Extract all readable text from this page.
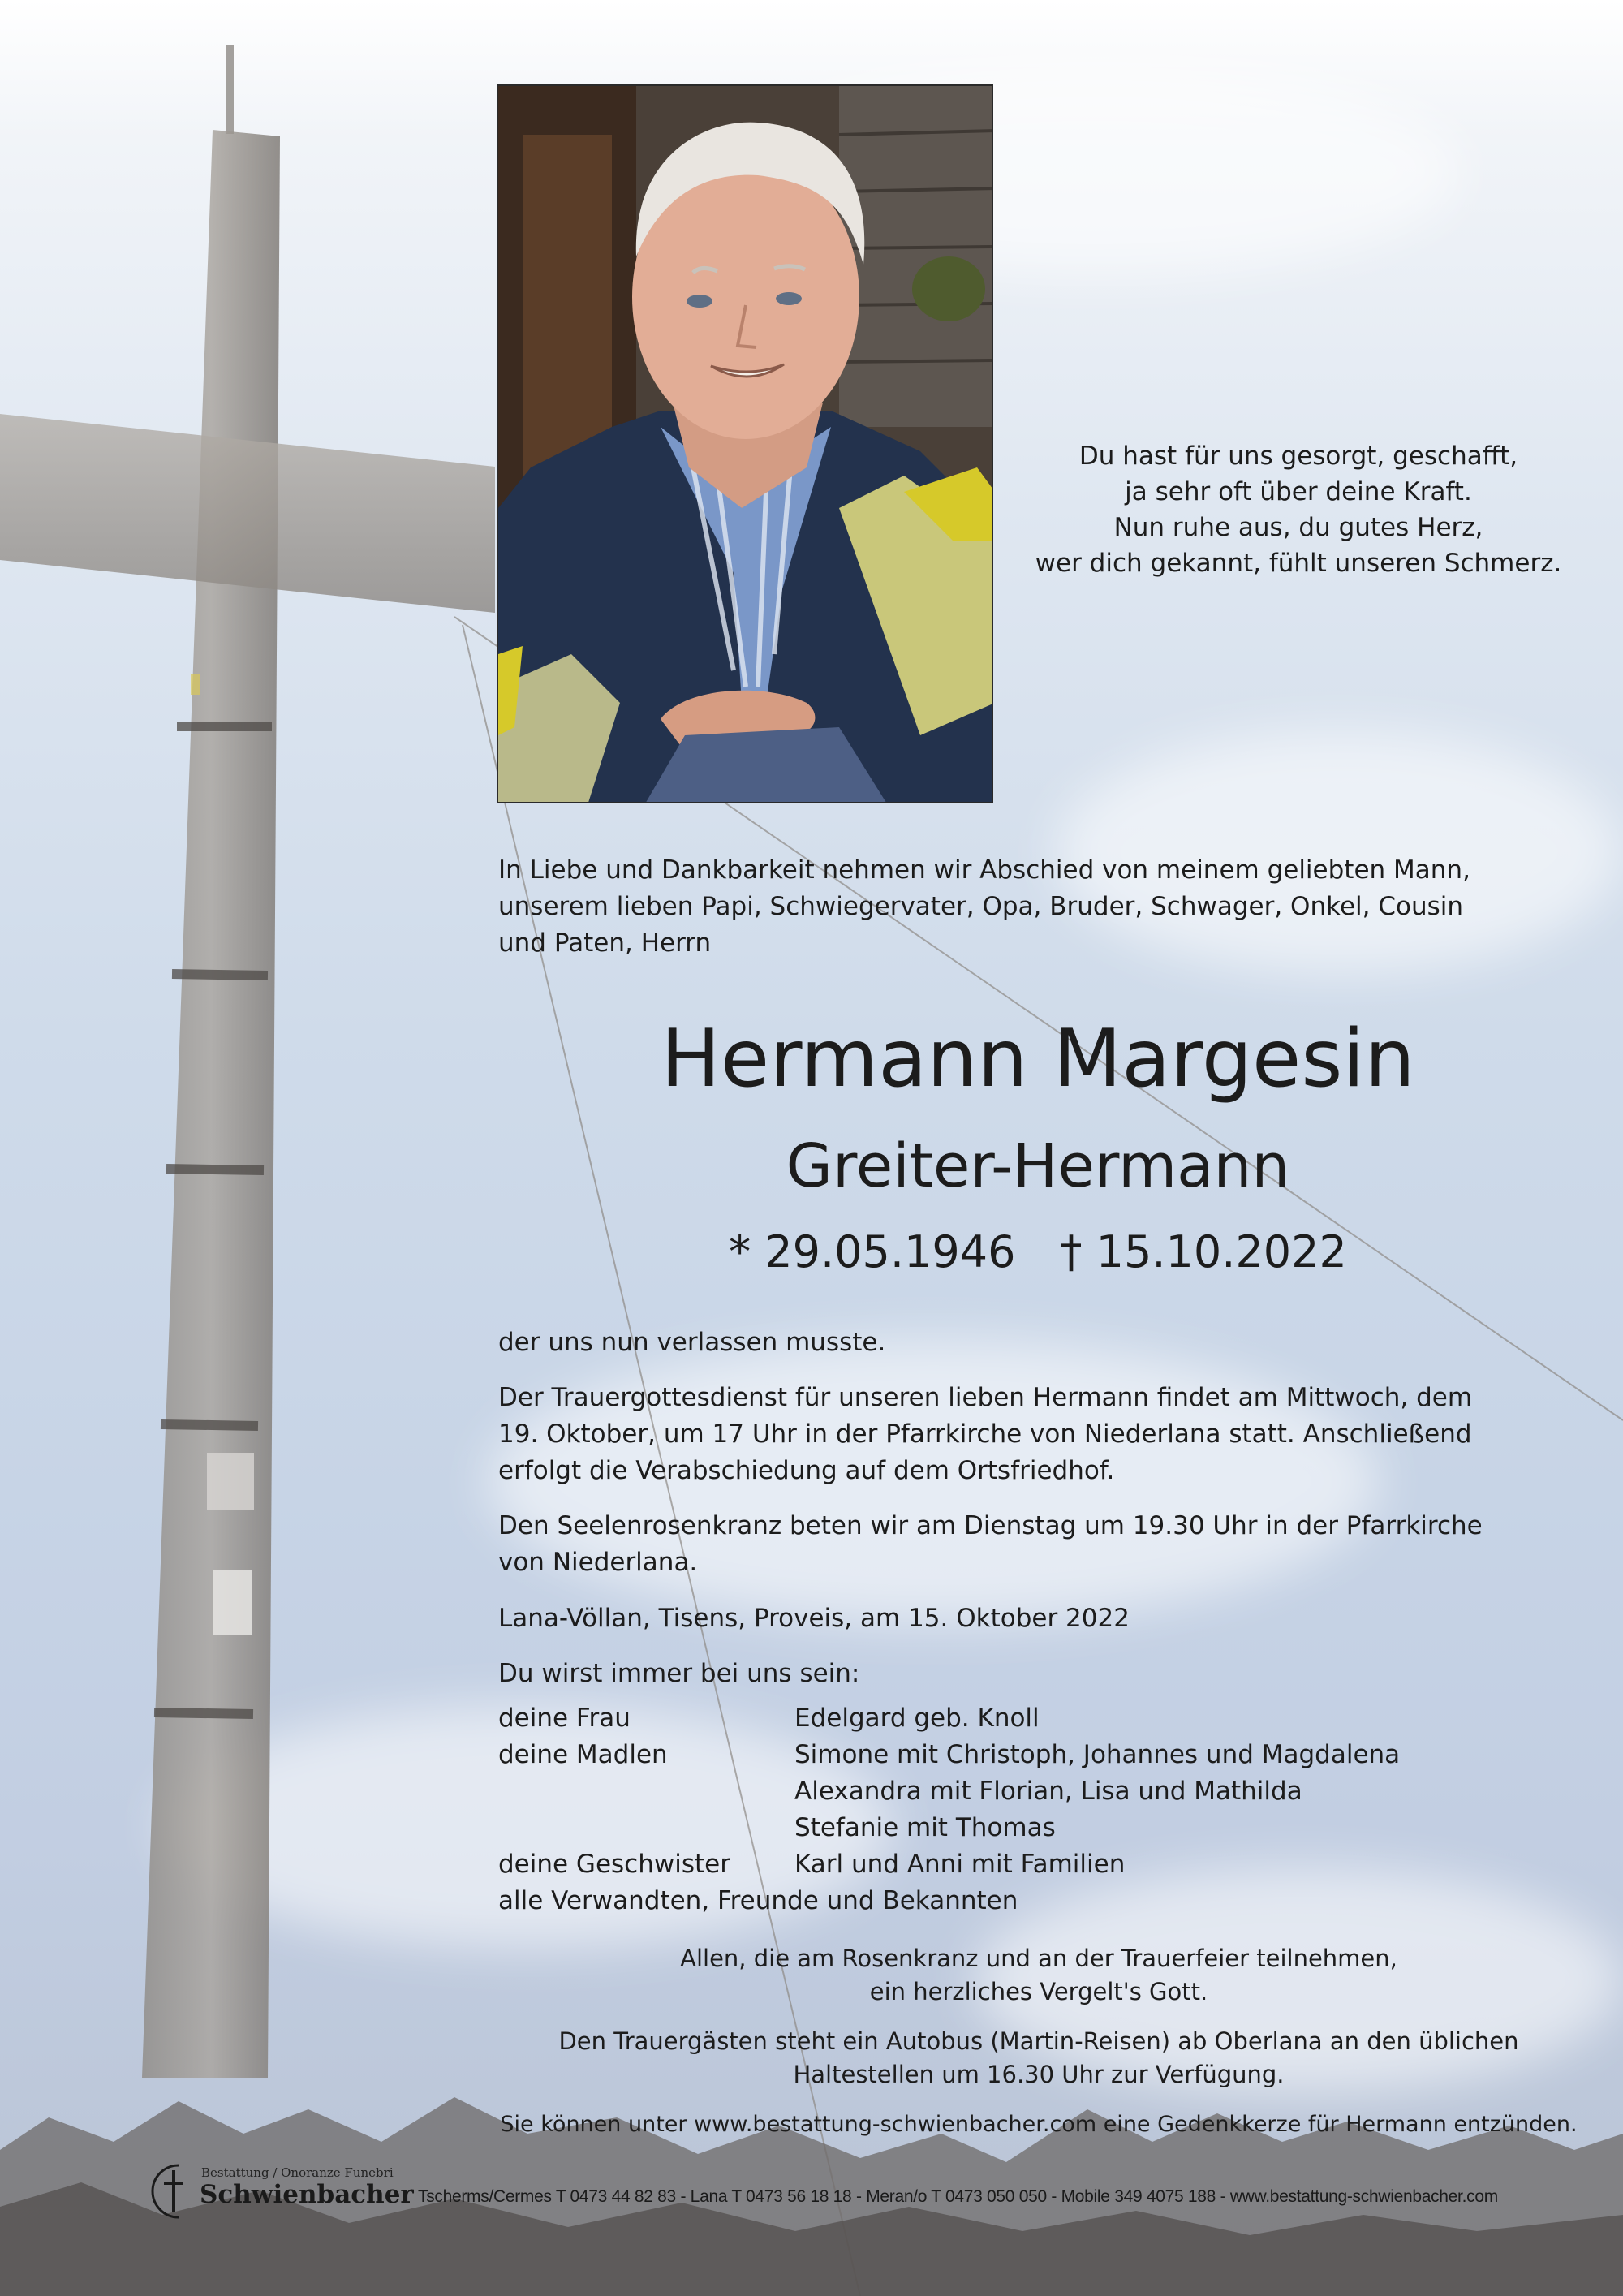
Du hast für uns gesorgt, geschafft,
ja sehr oft über deine Kraft.
Nun ruhe aus, du gutes Herz,
wer dich gekannt, fühlt unseren Schmerz.
In Liebe und Dankbarkeit nehmen wir Abschied von meinem geliebten Mann,
unserem lieben Papi, Schwiegervater, Opa, Bruder, Schwager, Onkel, Cousin
und Paten, Herrn
Hermann Margesin
Greiter-Hermann
* 29.05.1946 † 15.10.2022
der uns nun verlassen musste.
Der Trauergottesdienst für unseren lieben Hermann findet am Mittwoch, dem
19. Oktober, um 17 Uhr in der Pfarrkirche von Niederlana statt. Anschließend
erfolgt die Verabschiedung auf dem Ortsfriedhof.
Den Seelenrosenkranz beten wir am Dienstag um 19.30 Uhr in der Pfarrkirche
von Niederlana.
Lana-Völlan, Tisens, Proveis, am 15. Oktober 2022
Du wirst immer bei uns sein:
deine Frau	Edelgard geb. Knoll
deine Madlen	Simone mit Christoph, Johannes und Magdalena
Alexandra mit Florian, Lisa und Mathilda
Stefanie mit Thomas
deine Geschwister	Karl und Anni mit Familien
alle Verwandten, Freunde und Bekannten
Allen, die am Rosenkranz und an der Trauerfeier teilnehmen,
ein herzliches Vergelt's Gott.
Den Trauergästen steht ein Autobus (Martin-Reisen) ab Oberlana an den üblichen
Haltestellen um 16.30 Uhr zur Verfügung.
Sie können unter www.bestattung-schwienbacher.com eine Gedenkkerze für Hermann entzünden.
Bestattung / Onoranze Funebri
Schwienbacher Tscherms/Cermes T 0473 44 82 83 - Lana T 0473 56 18 18 - Meran/o T 0473 050 050 - Mobile 349 4075 188 - www.bestattung-schwienbacher.com
